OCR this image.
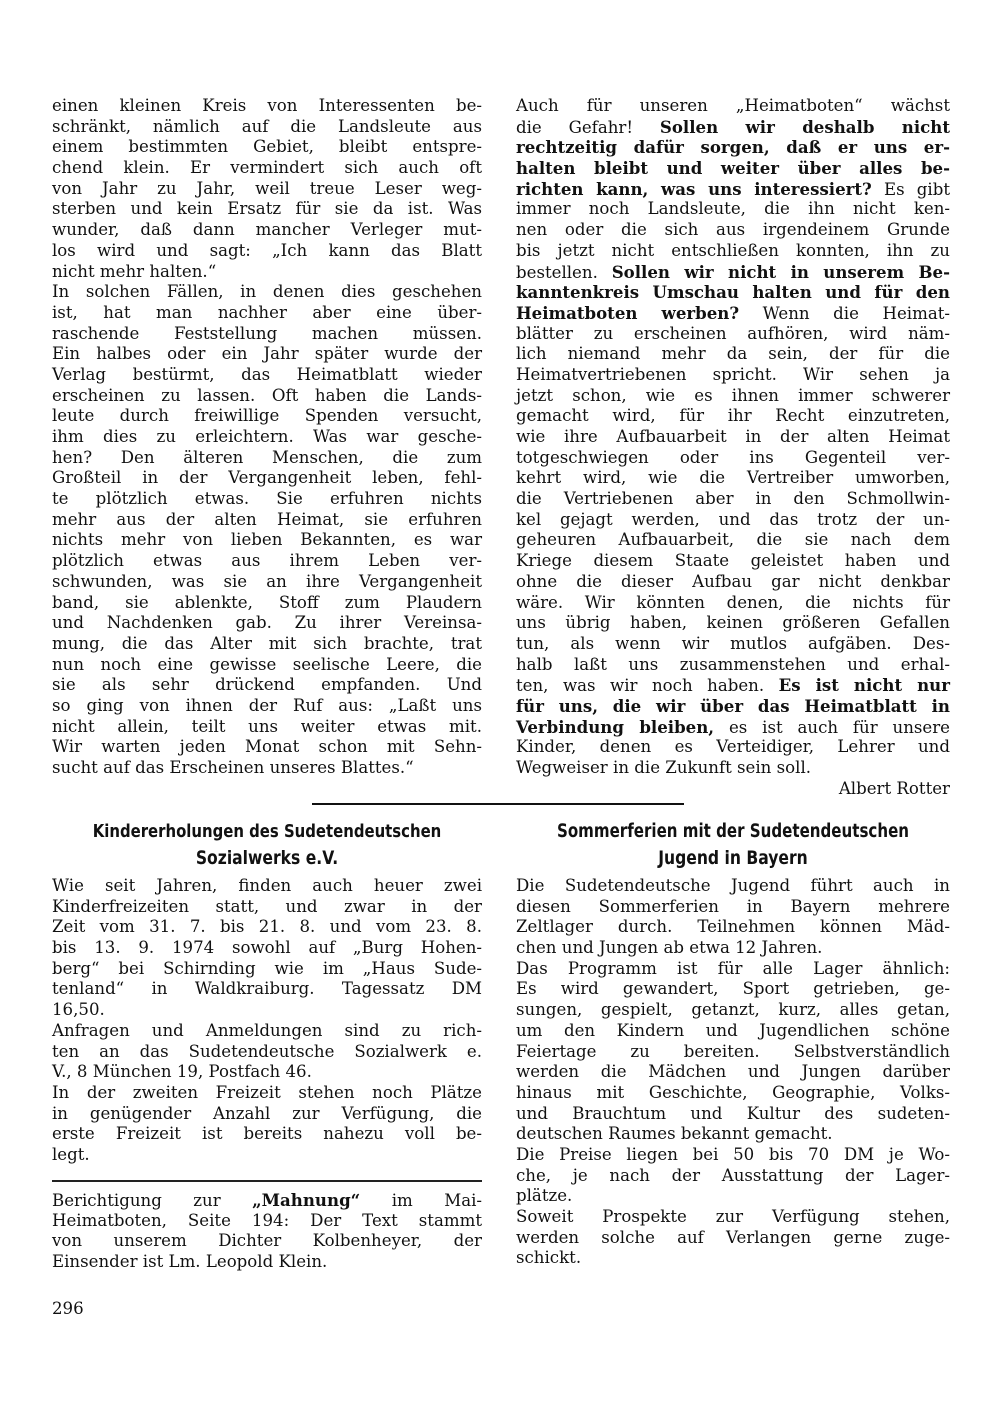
einen kleinen Kreis von Interessenten be-
schränkt, nämlich auf die Landsleute aus
einem bestimmten Gebiet, bleibt entspre-
chend klein. Er vermindert sich auch oft
von Jahr zu Jahr, weil treue Leser weg-
sterben und kein Ersatz für sie da ist. Was
wunder, daß dann mancher Verleger mut-
los wird und sagt: „Ich kann das Blatt
nicht mehr halten.“
In solchen Fällen, in denen dies geschehen
ist, hat man nachher aber eine über-
raschende Feststellung machen müssen.
Ein halbes oder ein Jahr später wurde der
Verlag bestürmt, das Heimatblatt wieder
erscheinen zu lassen. Oft haben die Lands-
leute durch freiwillige Spenden versucht,
ihm dies zu erleichtern. Was war gesche-
hen? Den älteren Menschen, die zum
Großteil in der Vergangenheit leben, fehl-
te plötzlich etwas. Sie erfuhren nichts
mehr aus der alten Heimat, sie erfuhren
nichts mehr von lieben Bekannten, es war
plötzlich etwas aus ihrem Leben ver-
schwunden, was sie an ihre Vergangenheit
band, sie ablenkte, Stoff zum Plaudern
und Nachdenken gab. Zu ihrer Vereinsa-
mung, die das Alter mit sich brachte, trat
nun noch eine gewisse seelische Leere, die
sie als sehr drückend empfanden. Und
so ging von ihnen der Ruf aus: „Laßt uns
nicht allein, teilt uns weiter etwas mit.
Wir warten jeden Monat schon mit Sehn-
sucht auf das Erscheinen unseres Blattes.“
Auch für unseren „Heimatboten“ wächst
die Gefahr! Sollen wir deshalb nicht
rechtzeitig dafür sorgen, daß er uns er-
halten bleibt und weiter über alles be-
richten kann, was uns interessiert? Es gibt
immer noch Landsleute, die ihn nicht ken-
nen oder die sich aus irgendeinem Grunde
bis jetzt nicht entschließen konnten, ihn zu
bestellen. Sollen wir nicht in unserem Be-
kanntenkreis Umschau halten und für den
Heimatboten werben? Wenn die Heimat-
blätter zu erscheinen aufhören, wird näm-
lich niemand mehr da sein, der für die
Heimatvertriebenen spricht. Wir sehen ja
jetzt schon, wie es ihnen immer schwerer
gemacht wird, für ihr Recht einzutreten,
wie ihre Aufbauarbeit in der alten Heimat
totgeschwiegen oder ins Gegenteil ver-
kehrt wird, wie die Vertreiber umworben,
die Vertriebenen aber in den Schmollwin-
kel gejagt werden, und das trotz der un-
geheuren Aufbauarbeit, die sie nach dem
Kriege diesem Staate geleistet haben und
ohne die dieser Aufbau gar nicht denkbar
wäre. Wir könnten denen, die nichts für
uns übrig haben, keinen größeren Gefallen
tun, als wenn wir mutlos aufgäben. Des-
halb laßt uns zusammenstehen und erhal-
ten, was wir noch haben. Es ist nicht nur
für uns, die wir über das Heimatblatt in
Verbindung bleiben, es ist auch für unsere
Kinder, denen es Verteidiger, Lehrer und
Wegweiser in die Zukunft sein soll.
Albert Rotter
Kindererholungen des Sudetendeutschen
Sozialwerks e.V.
Wie seit Jahren, finden auch heuer zwei
Kinderfreizeiten statt, und zwar in der
Zeit vom 31. 7. bis 21. 8. und vom 23. 8.
bis 13. 9. 1974 sowohl auf „Burg Hohen-
berg“ bei Schirnding wie im „Haus Sude-
tenland“ in Waldkraiburg. Tagessatz DM
16,50.
Anfragen und Anmeldungen sind zu rich-
ten an das Sudetendeutsche Sozialwerk e.
V., 8 München 19, Postfach 46.
In der zweiten Freizeit stehen noch Plätze
in genügender Anzahl zur Verfügung, die
erste Freizeit ist bereits nahezu voll be-
legt.
Berichtigung zur „Mahnung“ im Mai-
Heimatboten, Seite 194: Der Text stammt
von unserem Dichter Kolbenheyer, der
Einsender ist Lm. Leopold Klein.
Sommerferien mit der Sudetendeutschen
Jugend in Bayern
Die Sudetendeutsche Jugend führt auch in
diesen Sommerferien in Bayern mehrere
Zeltlager durch. Teilnehmen können Mäd-
chen und Jungen ab etwa 12 Jahren.
Das Programm ist für alle Lager ähnlich:
Es wird gewandert, Sport getrieben, ge-
sungen, gespielt, getanzt, kurz, alles getan,
um den Kindern und Jugendlichen schöne
Feiertage zu bereiten. Selbstverständlich
werden die Mädchen und Jungen darüber
hinaus mit Geschichte, Geographie, Volks-
und Brauchtum und Kultur des sudeten-
deutschen Raumes bekannt gemacht.
Die Preise liegen bei 50 bis 70 DM je Wo-
che, je nach der Ausstattung der Lager-
plätze.
Soweit Prospekte zur Verfügung stehen,
werden solche auf Verlangen gerne zuge-
schickt.
296
